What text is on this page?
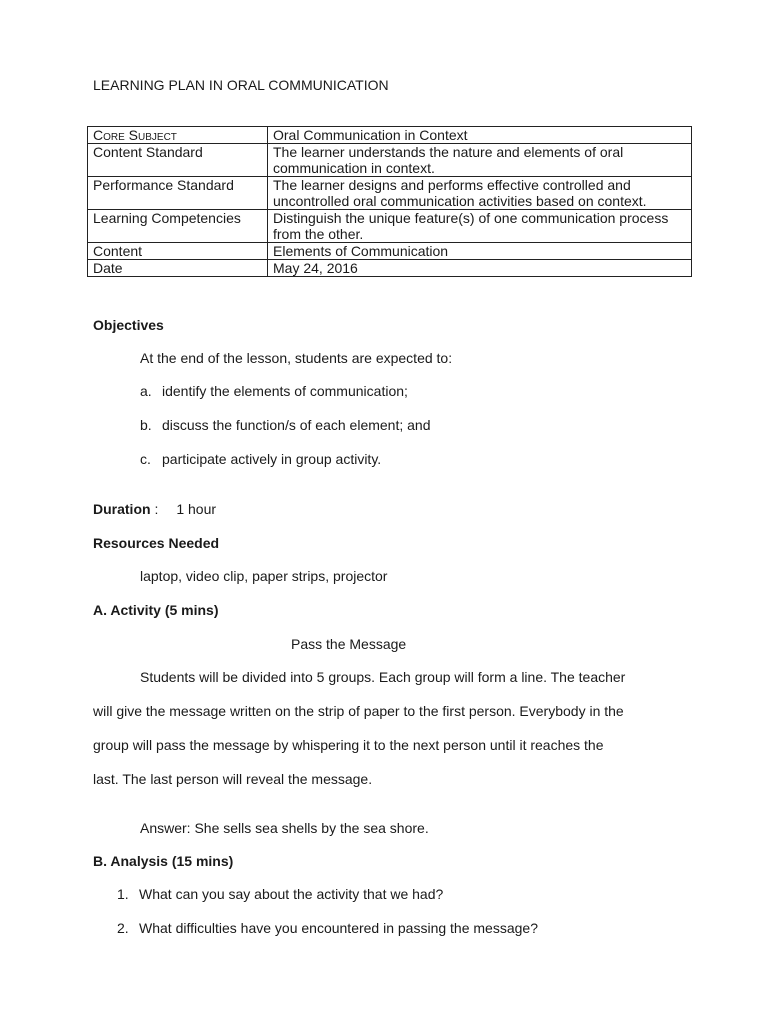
LEARNING PLAN IN ORAL COMMUNICATION
Core Subject	Oral Communication in Context
Content Standard	The learner understands the nature and elements of oral communication in context.
Performance Standard	The learner designs and performs effective controlled and uncontrolled oral communication activities based on context.
Learning Competencies	Distinguish the unique feature(s) of one communication process from the other.
Content	Elements of Communication
Date	May 24, 2016
Objectives
At the end of the lesson, students are expected to:
a. identify the elements of communication;
b. discuss the function/s of each element; and
c. participate actively in group activity.
Duration : 1 hour
Resources Needed
laptop, video clip, paper strips, projector
A. Activity (5 mins)
Pass the Message

Students will be divided into 5 groups. Each group will form a line. The teacher

will give the message written on the strip of paper to the first person. Everybody in the

group will pass the message by whispering it to the next person until it reaches the

last. The last person will reveal the message.

Answer: She sells sea shells by the sea shore.
B. Analysis (15 mins)
1. What can you say about the activity that we had?
2. What difficulties have you encountered in passing the message?
